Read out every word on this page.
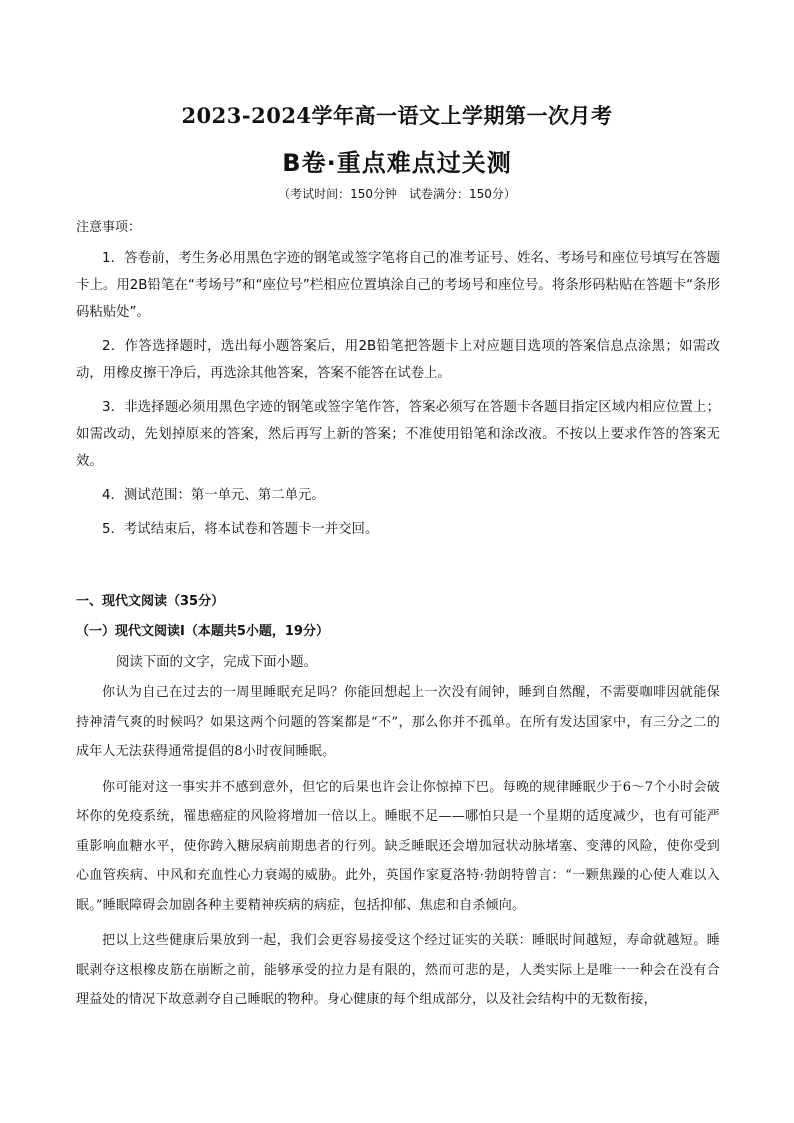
2023-2024学年高一语文上学期第一次月考
B卷·重点难点过关测
（考试时间：150分钟　试卷满分：150分）
注意事项：

1．答卷前，考生务必用黑色字迹的钢笔或签字笔将自己的准考证号、姓名、考场号和座位号填写在答题卡上。用2B铅笔在“考场号”和“座位号”栏相应位置填涂自己的考场号和座位号。将条形码粘贴在答题卡“条形码粘贴处”。

2．作答选择题时，选出每小题答案后，用2B铅笔把答题卡上对应题目选项的答案信息点涂黑；如需改动，用橡皮擦干净后，再选涂其他答案，答案不能答在试卷上。

3．非选择题必须用黑色字迹的钢笔或签字笔作答，答案必须写在答题卡各题目指定区域内相应位置上；如需改动，先划掉原来的答案，然后再写上新的答案；不准使用铅笔和涂改液。不按以上要求作答的答案无效。

4．测试范围：第一单元、第二单元。

5．考试结束后，将本试卷和答题卡一并交回。

一、现代文阅读（35分）
（一）现代文阅读Ⅰ（本题共5小题，19分）
阅读下面的文字，完成下面小题。

你认为自己在过去的一周里睡眠充足吗？你能回想起上一次没有闹钟，睡到自然醒，不需要咖啡因就能保持神清气爽的时候吗？如果这两个问题的答案都是“不”，那么你并不孤单。在所有发达国家中，有三分之二的成年人无法获得通常提倡的8小时夜间睡眠。

你可能对这一事实并不感到意外，但它的后果也许会让你惊掉下巴。每晚的规律睡眠少于6～7个小时会破坏你的免疫系统，罹患癌症的风险将增加一倍以上。睡眠不足——哪怕只是一个星期的适度减少，也有可能严重影响血糖水平，使你跨入糖尿病前期患者的行列。缺乏睡眠还会增加冠状动脉堵塞、变薄的风险，使你受到心血管疾病、中风和充血性心力衰竭的威胁。此外，英国作家夏洛特·勃朗特曾言：“一颗焦躁的心使人难以入眠。”睡眠障碍会加剧各种主要精神疾病的病症，包括抑郁、焦虑和自杀倾向。

把以上这些健康后果放到一起，我们会更容易接受这个经过证实的关联：睡眠时间越短，寿命就越短。睡眠剥夺这根橡皮筋在崩断之前，能够承受的拉力是有限的，然而可悲的是，人类实际上是唯一一种会在没有合理益处的情况下故意剥夺自己睡眠的物种。身心健康的每个组成部分，以及社会结构中的无数衔接，
